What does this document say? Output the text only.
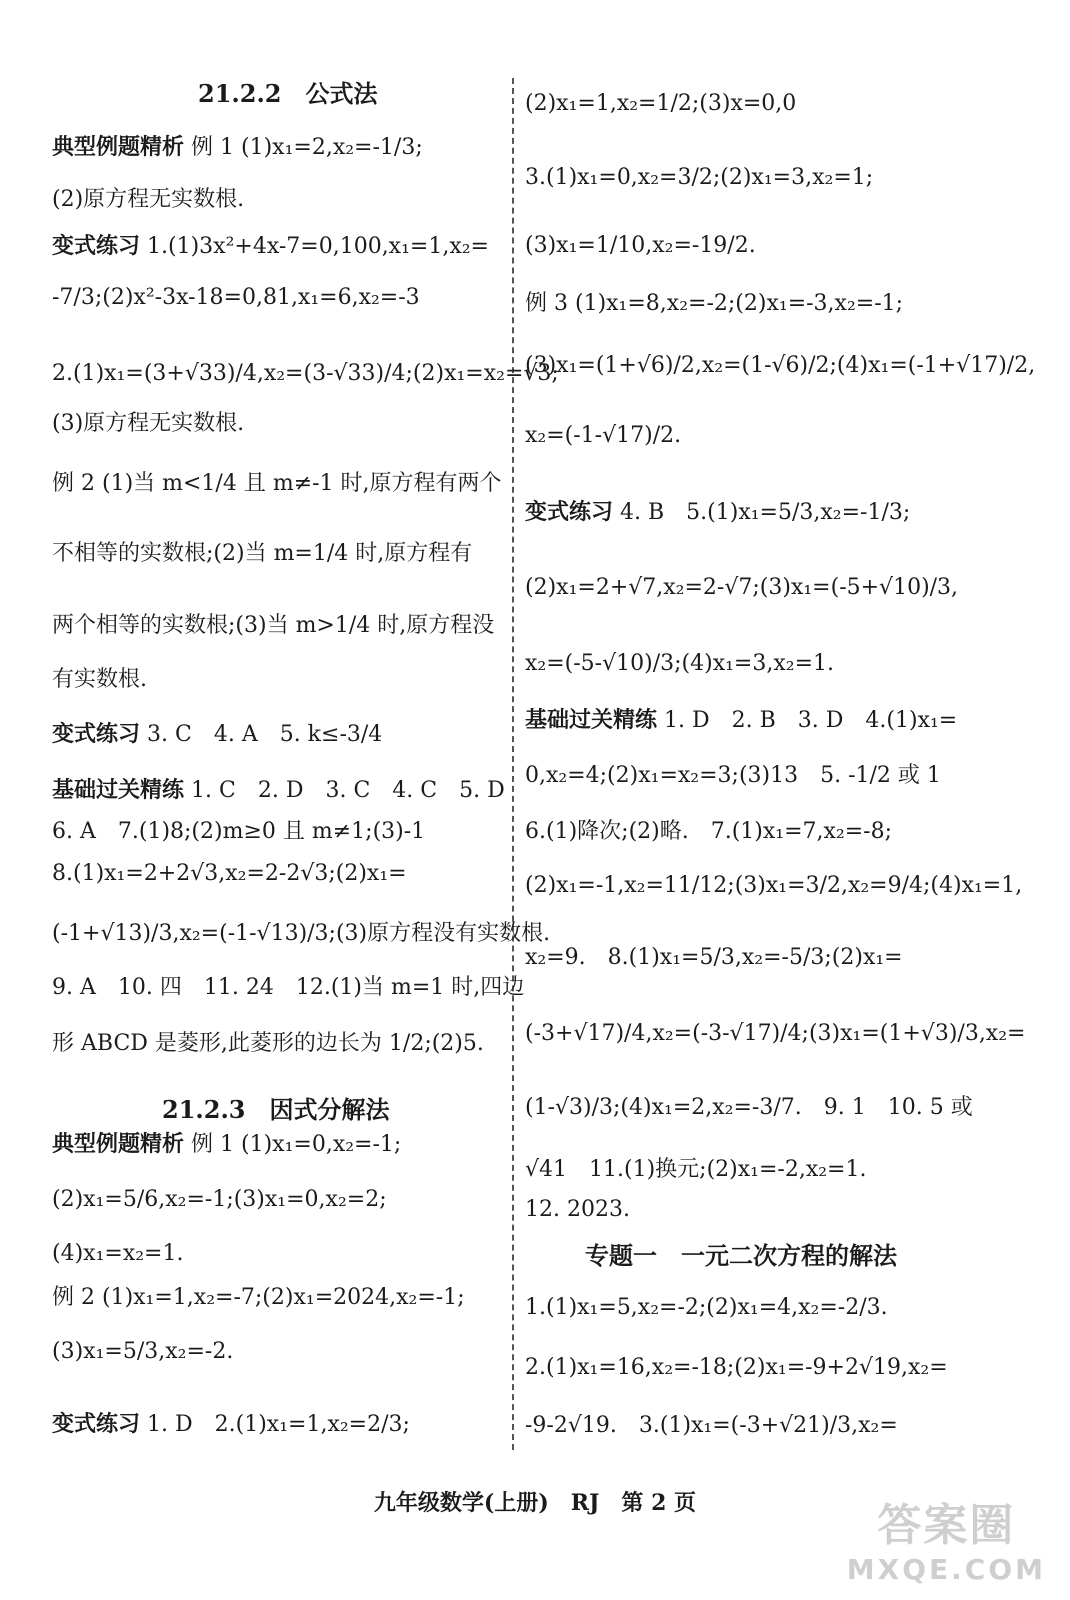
21.2.2　公式法
典型例题精析 例 1 (1)x₁=2,x₂=-1/3;
(2)原方程无实数根.
变式练习 1.(1)3x²+4x-7=0,100,x₁=1,x₂=
-7/3;(2)x²-3x-18=0,81,x₁=6,x₂=-3
2.(1)x₁=(3+√33)/4,x₂=(3-√33)/4;(2)x₁=x₂=√3;
(3)原方程无实数根.
例 2 (1)当 m<1/4 且 m≠-1 时,原方程有两个
不相等的实数根;(2)当 m=1/4 时,原方程有
两个相等的实数根;(3)当 m>1/4 时,原方程没
有实数根.
变式练习 3. C　4. A　5. k≤-3/4
基础过关精练 1. C　2. D　3. C　4. C　5. D
6. A　7.(1)8;(2)m≥0 且 m≠1;(3)-1
8.(1)x₁=2+2√3,x₂=2-2√3;(2)x₁=
(-1+√13)/3,x₂=(-1-√13)/3;(3)原方程没有实数根.
9. A　10. 四　11. 24　12.(1)当 m=1 时,四边
形 ABCD 是菱形,此菱形的边长为 1/2;(2)5.
21.2.3　因式分解法
典型例题精析 例 1 (1)x₁=0,x₂=-1;
(2)x₁=5/6,x₂=-1;(3)x₁=0,x₂=2;
(4)x₁=x₂=1.
例 2 (1)x₁=1,x₂=-7;(2)x₁=2024,x₂=-1;
(3)x₁=5/3,x₂=-2.
变式练习 1. D　2.(1)x₁=1,x₂=2/3;
(2)x₁=1,x₂=1/2;(3)x=0,0
3.(1)x₁=0,x₂=3/2;(2)x₁=3,x₂=1;
(3)x₁=1/10,x₂=-19/2.
例 3 (1)x₁=8,x₂=-2;(2)x₁=-3,x₂=-1;
(3)x₁=(1+√6)/2,x₂=(1-√6)/2;(4)x₁=(-1+√17)/2,
x₂=(-1-√17)/2.
变式练习 4. B　5.(1)x₁=5/3,x₂=-1/3;
(2)x₁=2+√7,x₂=2-√7;(3)x₁=(-5+√10)/3,
x₂=(-5-√10)/3;(4)x₁=3,x₂=1.
基础过关精练 1. D　2. B　3. D　4.(1)x₁=
0,x₂=4;(2)x₁=x₂=3;(3)13　5. -1/2 或 1
6.(1)降次;(2)略.　7.(1)x₁=7,x₂=-8;
(2)x₁=-1,x₂=11/12;(3)x₁=3/2,x₂=9/4;(4)x₁=1,
x₂=9.　8.(1)x₁=5/3,x₂=-5/3;(2)x₁=
(-3+√17)/4,x₂=(-3-√17)/4;(3)x₁=(1+√3)/3,x₂=
(1-√3)/3;(4)x₁=2,x₂=-3/7.　9. 1　10. 5 或
√41　11.(1)换元;(2)x₁=-2,x₂=1.
12. 2023.
专题一　一元二次方程的解法
1.(1)x₁=5,x₂=-2;(2)x₁=4,x₂=-2/3.
2.(1)x₁=16,x₂=-18;(2)x₁=-9+2√19,x₂=
-9-2√19.　3.(1)x₁=(-3+√21)/3,x₂=
九年级数学(上册)　RJ　第 2 页	答案圈
MXQE.COM
